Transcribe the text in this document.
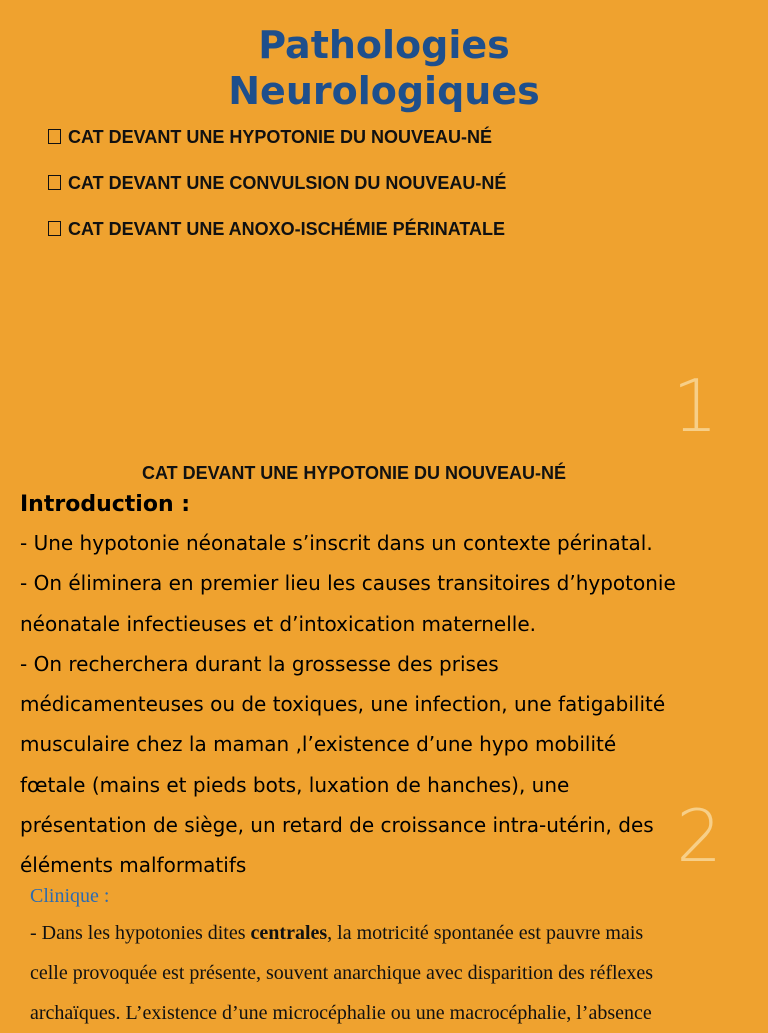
Pathologies
Neurologiques
CAT DEVANT UNE HYPOTONIE DU NOUVEAU-NÉ
CAT DEVANT UNE CONVULSION DU NOUVEAU-NÉ
CAT DEVANT UNE ANOXO-ISCHÉMIE PÉRINATALE
1
CAT DEVANT UNE HYPOTONIE DU NOUVEAU-NÉ
Introduction :
- Une hypotonie néonatale s’inscrit dans un contexte périnatal.
- On éliminera en premier lieu les causes transitoires d’hypotonie
néonatale infectieuses et d’intoxication maternelle.
- On recherchera durant la grossesse des prises
médicamenteuses ou de toxiques, une infection, une fatigabilité
musculaire chez la maman ,l’existence d’une hypo mobilité
fœtale (mains et pieds bots, luxation de hanches), une
présentation de siège, un retard de croissance intra-utérin, des
éléments malformatifs	2
Clinique :
- Dans les hypotonies dites centrales, la motricité spontanée est pauvre mais
celle provoquée est présente, souvent anarchique avec disparition des réflexes
archaïques. L’existence d’une microcéphalie ou une macrocéphalie, l’absence
